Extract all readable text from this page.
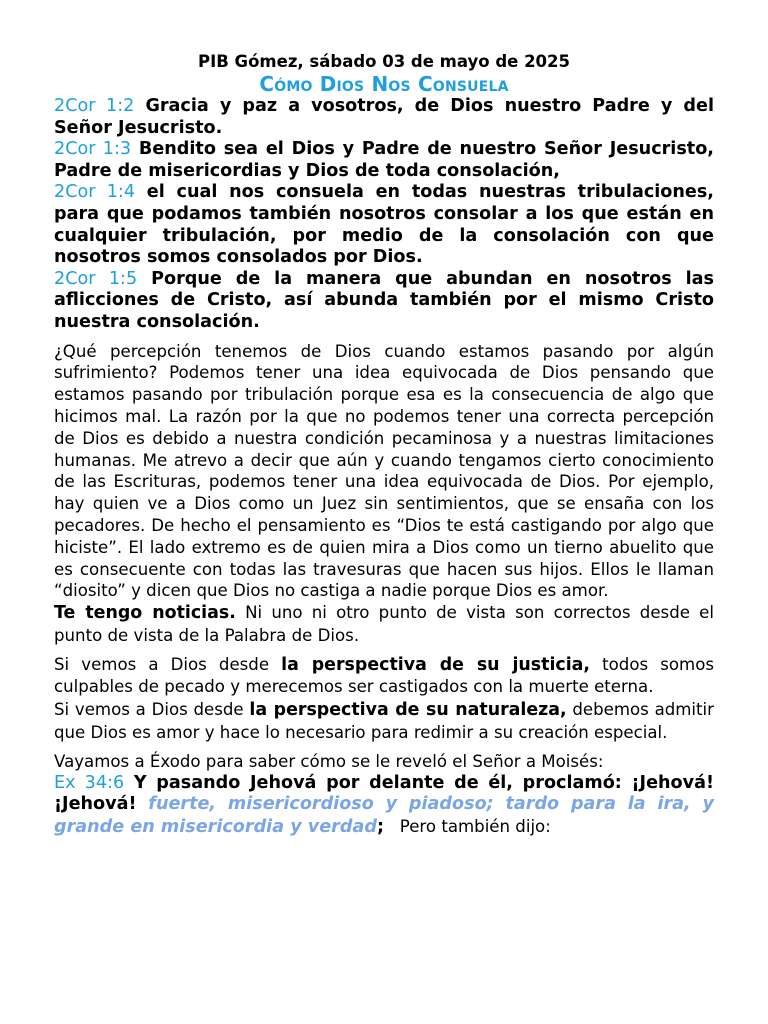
PIB Gómez, sábado 03 de mayo de 2025

Cómo Dios Nos Consuela

2Cor 1:2 Gracia y paz a vosotros, de Dios nuestro Padre y del Señor Jesucristo.

2Cor 1:3 Bendito sea el Dios y Padre de nuestro Señor Jesucristo, Padre de misericordias y Dios de toda consolación,

2Cor 1:4 el cual nos consuela en todas nuestras tribulaciones, para que podamos también nosotros consolar a los que están en cualquier tribulación, por medio de la consolación con que nosotros somos consolados por Dios.

2Cor 1:5 Porque de la manera que abundan en nosotros las aflicciones de Cristo, así abunda también por el mismo Cristo nuestra consolación.

¿Qué percepción tenemos de Dios cuando estamos pasando por algún sufrimiento? Podemos tener una idea equivocada de Dios pensando que estamos pasando por tribulación porque esa es la consecuencia de algo que hicimos mal. La razón por la que no podemos tener una correcta percepción de Dios es debido a nuestra condición pecaminosa y a nuestras limitaciones humanas. Me atrevo a decir que aún y cuando tengamos cierto conocimiento de las Escrituras, podemos tener una idea equivocada de Dios. Por ejemplo, hay quien ve a Dios como un Juez sin sentimientos, que se ensaña con los pecadores. De hecho el pensamiento es “Dios te está castigando por algo que hiciste”. El lado extremo es de quien mira a Dios como un tierno abuelito que es consecuente con todas las travesuras que hacen sus hijos. Ellos le llaman “diosito” y dicen que Dios no castiga a nadie porque Dios es amor.

Te tengo noticias. Ni uno ni otro punto de vista son correctos desde el punto de vista de la Palabra de Dios.

Si vemos a Dios desde la perspectiva de su justicia, todos somos culpables de pecado y merecemos ser castigados con la muerte eterna.

Si vemos a Dios desde la perspectiva de su naturaleza, debemos admitir que Dios es amor y hace lo necesario para redimir a su creación especial.

Vayamos a Éxodo para saber cómo se le reveló el Señor a Moisés:

Ex 34:6 Y pasando Jehová por delante de él, proclamó: ¡Jehová! ¡Jehová! fuerte, misericordioso y piadoso; tardo para la ira, y grande en misericordia y verdad;   Pero también dijo:
